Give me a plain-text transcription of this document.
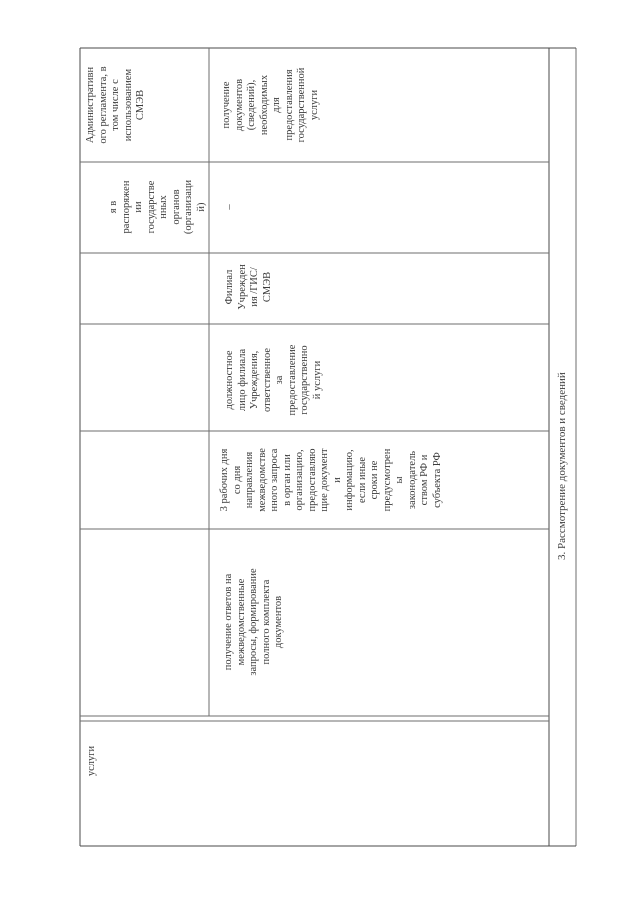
услуги
я в распоряжен ии государстве нных органов (организаци й)
Административн ого регламента, в том числе с использованием СМЭВ
получение ответов на межведомственные запросы, формирование полного комплекта документов
3 рабочих дня со дня направления межведомстве нного запроса в орган или организацию, предоставляю щие документ и информацию, если иные сроки не предусмотрен ы законодатель ством РФ и субъекта РФ
должностное лицо филиала Учреждения, ответственное за предоставление государственно й услуги
Филиал Учрежден ия /ГИС/ СМЭВ
–
получение документов (сведений), необходимых для предоставления государственной услуги
3. Рассмотрение документов и сведений
